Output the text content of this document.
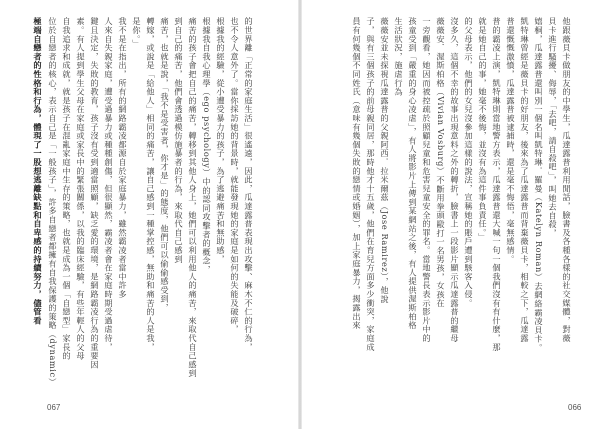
的世界離「正常的家庭生活」很遙遠，因此，瓜達露普表現出攻擊、麻木不仁的行為，
也不令人意外了。當你採訪她的背景時，就能發現她的家庭是如何的失能及破碎，
根據我的經驗，從小遭受暴力的孩子，為了逃避痛苦和無助感，
根據我自我心理學（ego psychology）中的認同攻擊者的概念，
痛苦的孩子會把自己的痛苦，轉移到其他人身上，她們可以利用他人的痛苦，來取代自己感到
到自己的痛苦，他們會透過模仿施暴者的行為，來取代自己感到
痛苦，也就是說，「我不是受害者，你才是」的態度，他們可以偷偷感受到，
轉嫁，或說是「給他人」相同的痛苦，讓自己感到一種掌控感，無助和痛苦的人是我，
是你。」
我不是在指出，所有的網路霸凌都源自於家庭暴力，雖然霸凌者當中許多
人來自失親家庭，遭受過暴力或種種創傷，但很顯然，霸凌者會在家庭時期受過虐待，
鍵且決定，失敗的教育，孩子沒有受到適當照顧，缺乏愛的環境，是網路霸凌行為的重要因
素。有人提到學生父母在家庭或家長中的緊張關係，以我的臨床經驗，有些年輕人的父母
自我追求和成就，就是孩子在混亂家庭中生存的策略，也就是成為一個「自戀型」家長的
位於自戀者的核心，表示自己是「一般孩子」，許多自戀者都擁有自我保護的策略（dynamic）
極端自戀者的性格和行為，體現了一股想逃離缺點和自卑感的持續努力，儘管看
067
他跟薇貝卡做朋友的中學生，瓜達露普利用閒話，臉書及各種各樣的社交媒體，對薇
貝卡進行騷擾、侮辱，「去吧，請自殺吧」，叫她去自殺，
嬉桐，瓜達露普還叫別一個名叫凱特琳．羅曼（Katelyn Roman）去網絡霸凌貝卡。
凱特琳曾經是薇貝卡的好朋友，後來為了瓜達露普而背棄薇貝卡，相較之下，瓜達露
普還慨慨激憤，瓜達露普被逮捕時，還是毫不悔悟，毫無感情。
普的霸凌上演，凱特琳則當地警方表示，瓜達露普還大喊一句一個我們沒有有什麼，那
就是她自己的事，她毫不後悔，並沒有為這件事負責任。」
的父母表示，他們的女兒沒參加這樣的說法，宣稱她的賬戶遭到駭客入侵。
沒多久，這個不幸的故事出現意料之外的轉折，臉書上一段影片顯示瓜達露普的繼母
薇薇安．渥斯柏格（Vivian Vosburg）不斷用拳頭毆打一名男孩，女孩在
一旁觀看，她因而被控疏於照顧兒童和危害兒童安全的罪名。當地警長表示影片中的
孩童受到「嚴重的身心凌虐」，有人將影片上傳到某網站之後，有人提供渥斯柏格
生活狀況，施虐行為
薇薇安並未探視瓜達露普的父親阿西．拉米爾茲（Jose Ramirez），他說
子，與有三個孩子的前母親同居，那時他才十五歲，他們在育兒方面多少衝突，家庭成
員有何幾個不同姓氏（意味有幾個失敗的戀情或婚姻），加上家庭暴力，揭露出來
066
